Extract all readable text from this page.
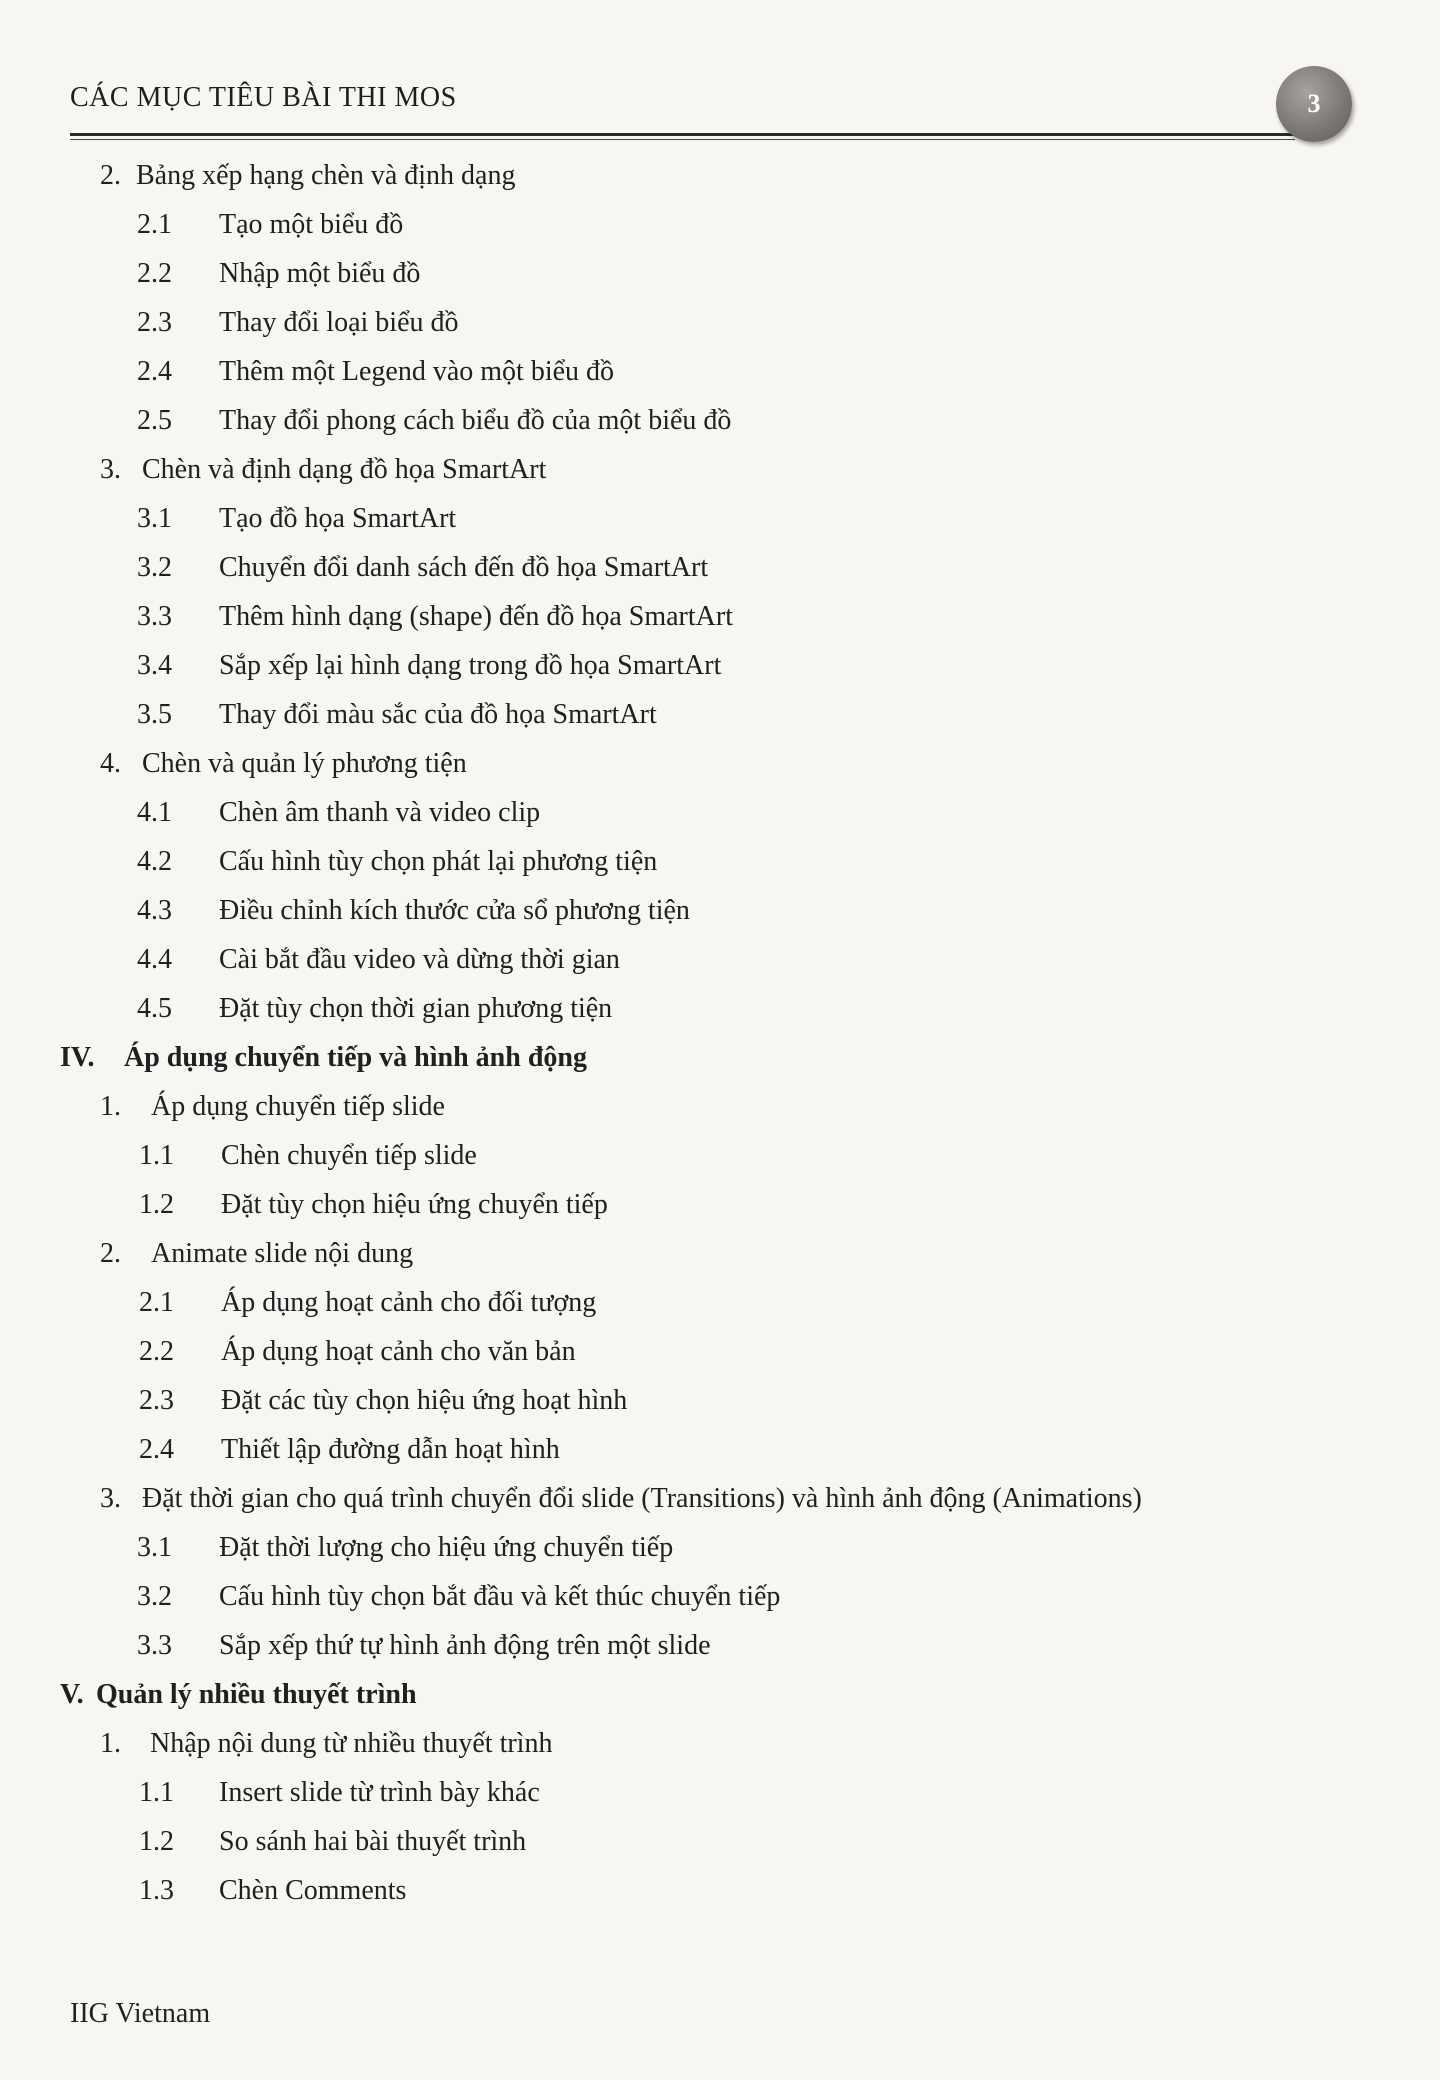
CÁC MỤC TIÊU BÀI THI MOS	3
2. Bảng xếp hạng chèn và định dạng
2.1 Tạo một biểu đồ
2.2 Nhập một biểu đồ
2.3 Thay đổi loại biểu đồ
2.4 Thêm một Legend vào một biểu đồ
2.5 Thay đổi phong cách biểu đồ của một biểu đồ
3. Chèn và định dạng đồ họa SmartArt
3.1 Tạo đồ họa SmartArt
3.2 Chuyển đổi danh sách đến đồ họa SmartArt
3.3 Thêm hình dạng (shape) đến đồ họa SmartArt
3.4 Sắp xếp lại hình dạng trong đồ họa SmartArt
3.5 Thay đổi màu sắc của đồ họa SmartArt
4. Chèn và quản lý phương tiện
4.1 Chèn âm thanh và video clip
4.2 Cấu hình tùy chọn phát lại phương tiện
4.3 Điều chỉnh kích thước cửa sổ phương tiện
4.4 Cài bắt đầu video và dừng thời gian
4.5 Đặt tùy chọn thời gian phương tiện
IV. Áp dụng chuyển tiếp và hình ảnh động
1. Áp dụng chuyển tiếp slide
1.1 Chèn chuyển tiếp slide
1.2 Đặt tùy chọn hiệu ứng chuyển tiếp
2. Animate slide nội dung
2.1 Áp dụng hoạt cảnh cho đối tượng
2.2 Áp dụng hoạt cảnh cho văn bản
2.3 Đặt các tùy chọn hiệu ứng hoạt hình
2.4 Thiết lập đường dẫn hoạt hình
3. Đặt thời gian cho quá trình chuyển đổi slide (Transitions) và hình ảnh động (Animations)
3.1 Đặt thời lượng cho hiệu ứng chuyển tiếp
3.2 Cấu hình tùy chọn bắt đầu và kết thúc chuyển tiếp
3.3 Sắp xếp thứ tự hình ảnh động trên một slide
V. Quản lý nhiều thuyết trình
1. Nhập nội dung từ nhiều thuyết trình
1.1 Insert slide từ trình bày khác
1.2 So sánh hai bài thuyết trình
1.3 Chèn Comments
IIG Vietnam
